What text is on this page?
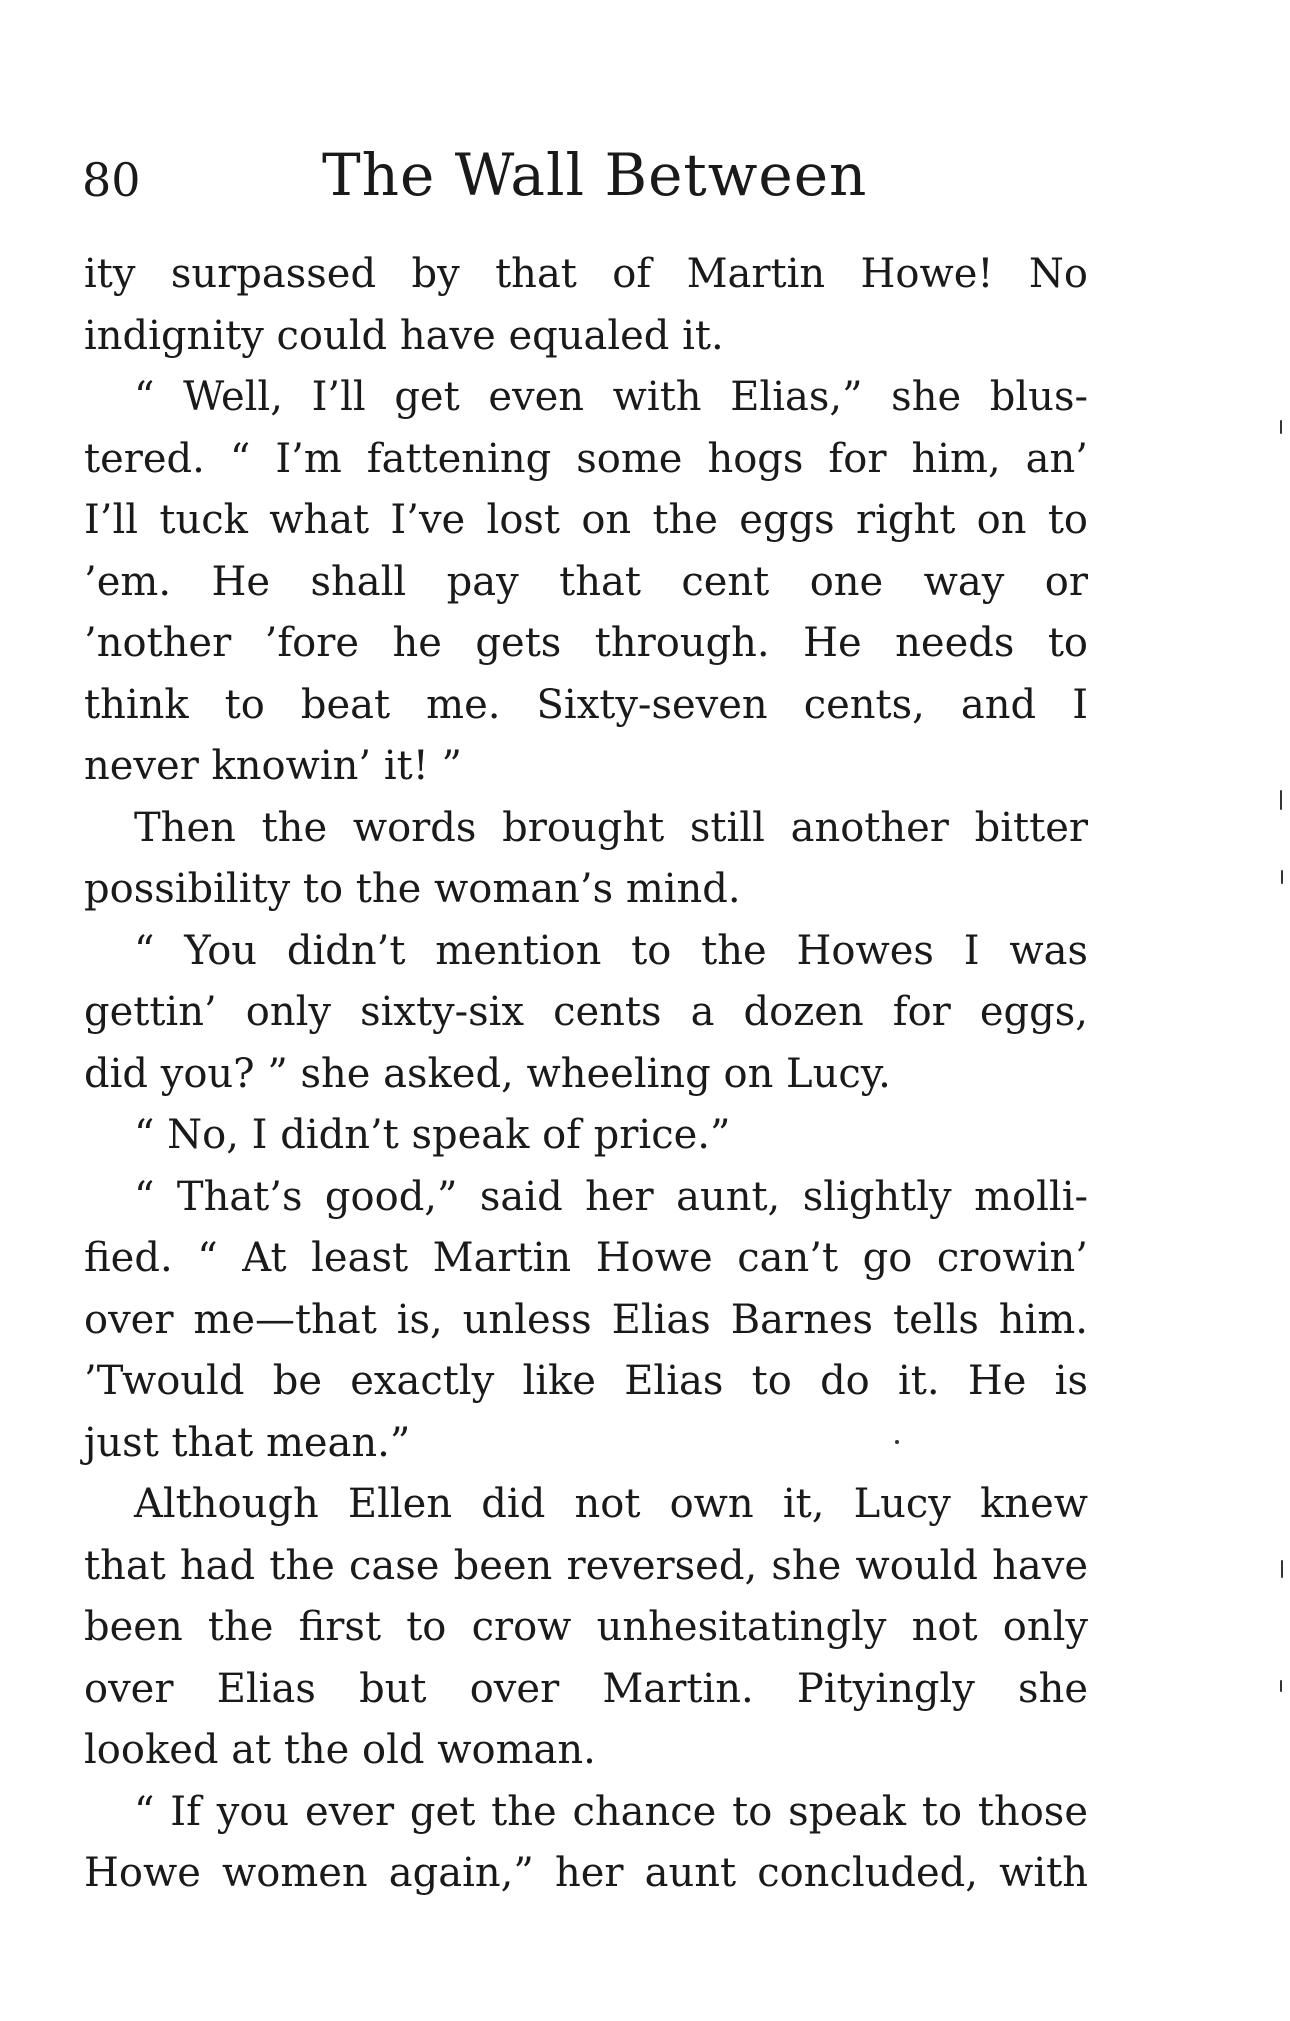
80	The Wall Between
ity surpassed by that of Martin Howe! No
indignity could have equaled it.
“ Well, I’ll get even with Elias,” she blus-
tered. “ I’m fattening some hogs for him, an’
I’ll tuck what I’ve lost on the eggs right on to
’em. He shall pay that cent one way or
’nother ’fore he gets through. He needs to
think to beat me. Sixty-seven cents, and I
never knowin’ it! ”
Then the words brought still another bitter
possibility to the woman’s mind.
“ You didn’t mention to the Howes I was
gettin’ only sixty-six cents a dozen for eggs,
did you? ” she asked, wheeling on Lucy.
“ No, I didn’t speak of price.”
“ That’s good,” said her aunt, slightly molli-
fied. “ At least Martin Howe can’t go crowin’
over me—that is, unless Elias Barnes tells him.
’Twould be exactly like Elias to do it. He is
just that mean.”
Although Ellen did not own it, Lucy knew
that had the case been reversed, she would have
been the first to crow unhesitatingly not only
over Elias but over Martin. Pityingly she
looked at the old woman.
“ If you ever get the chance to speak to those
Howe women again,” her aunt concluded, with
